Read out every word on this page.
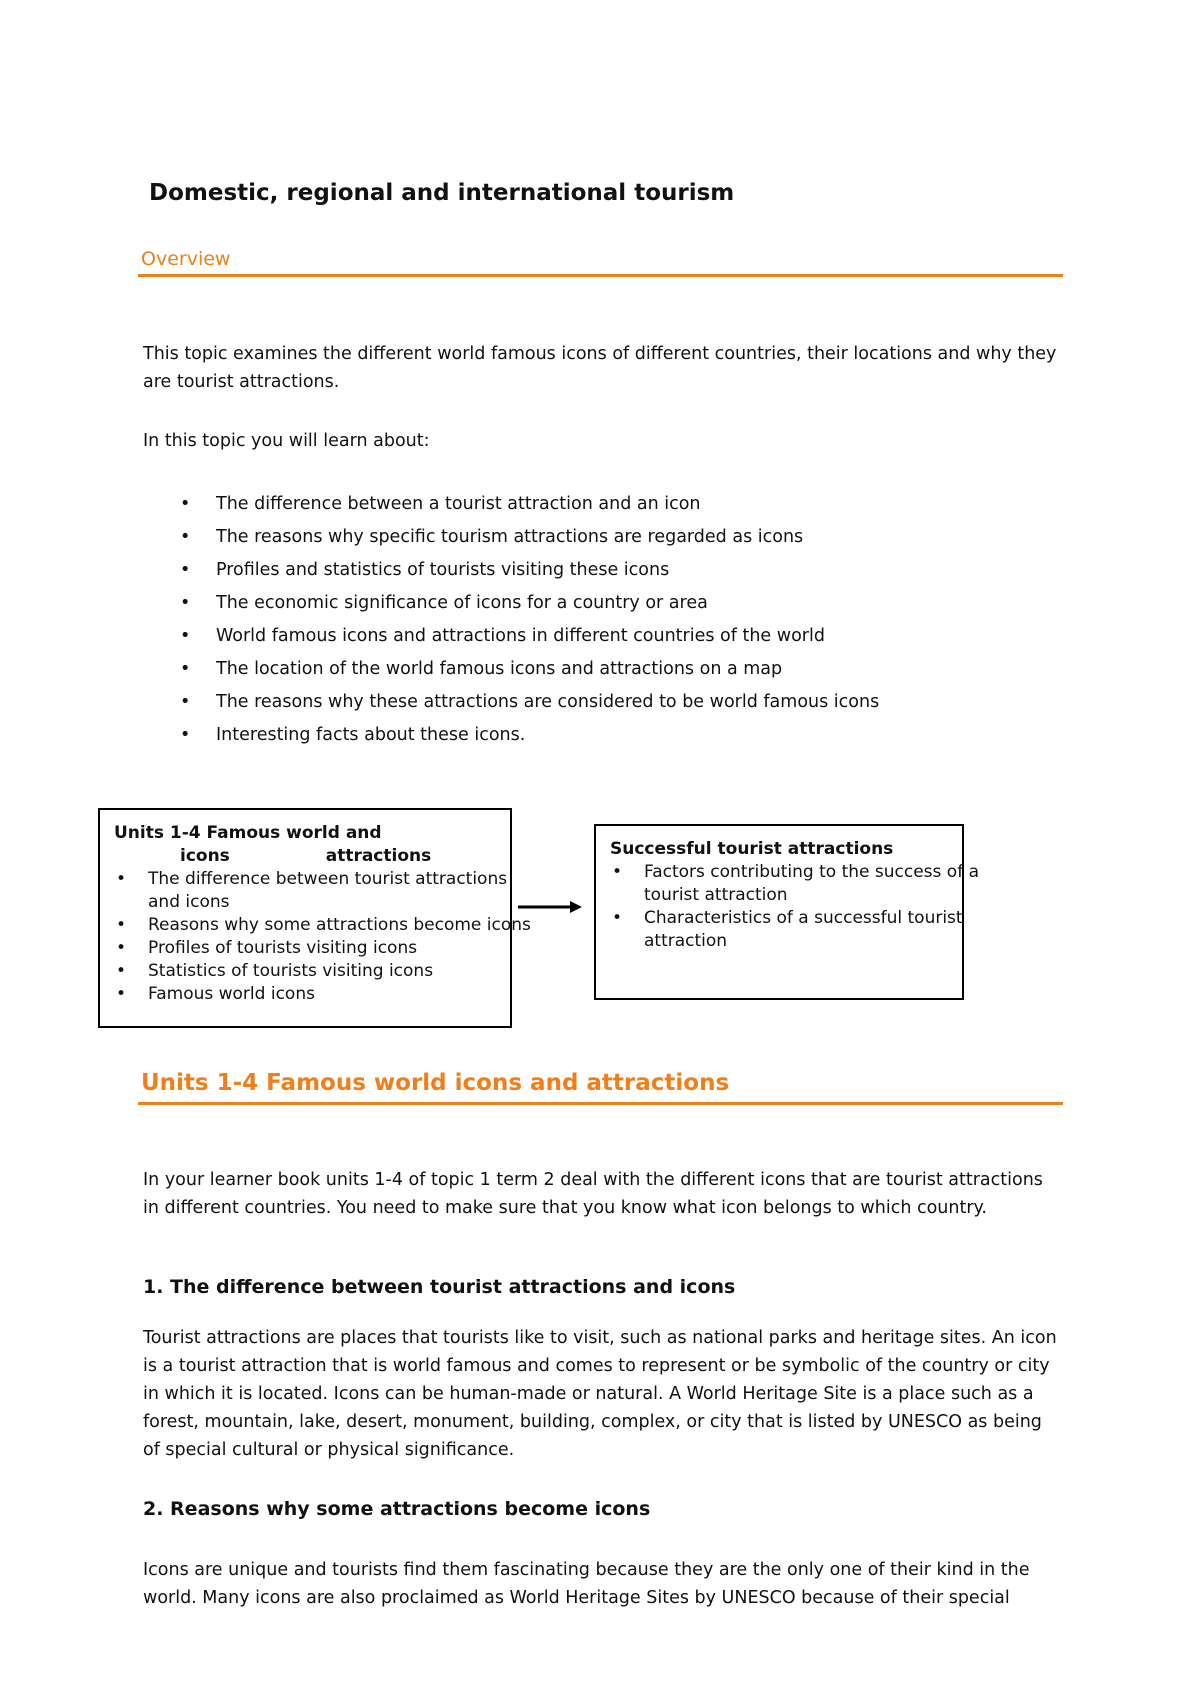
Domestic, regional and international tourism
Overview
This topic examines the different world famous icons of different countries, their locations and why they are tourist attractions.
In this topic you will learn about:
• The difference between a tourist attraction and an icon
• The reasons why specific tourism attractions are regarded as icons
• Profiles and statistics of tourists visiting these icons
• The economic significance of icons for a country or area
• World famous icons and attractions in different countries of the world
• The location of the world famous icons and attractions on a map
• The reasons why these attractions are considered to be world famous icons
• Interesting facts about these icons.
Units 1-4 Famous world and
icons attractions
• The difference between tourist attractions and icons
• Reasons why some attractions become icons
• Profiles of tourists visiting icons
• Statistics of tourists visiting icons
• Famous world icons
Successful tourist attractions
• Factors contributing to the success of a tourist attraction
• Characteristics of a successful tourist attraction
Units 1-4 Famous world icons and attractions
In your learner book units 1-4 of topic 1 term 2 deal with the different icons that are tourist attractions in different countries. You need to make sure that you know what icon belongs to which country.
1. The difference between tourist attractions and icons
Tourist attractions are places that tourists like to visit, such as national parks and heritage sites. An icon is a tourist attraction that is world famous and comes to represent or be symbolic of the country or city in which it is located. Icons can be human-made or natural. A World Heritage Site is a place such as a forest, mountain, lake, desert, monument, building, complex, or city that is listed by UNESCO as being of special cultural or physical significance.
2. Reasons why some attractions become icons
Icons are unique and tourists find them fascinating because they are the only one of their kind in the world. Many icons are also proclaimed as World Heritage Sites by UNESCO because of their special
